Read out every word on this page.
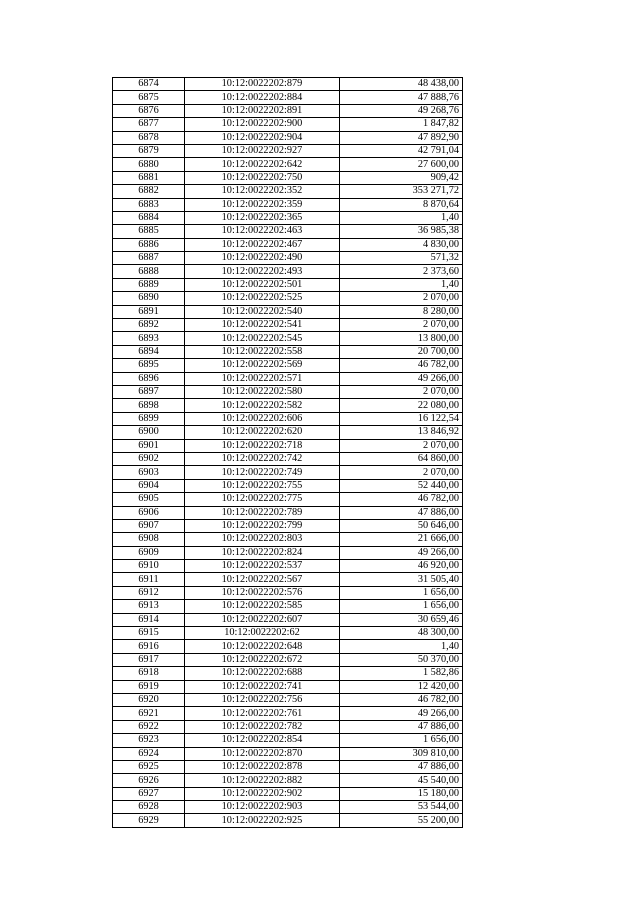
6874	10:12:0022202:879	48 438,00
6875	10:12:0022202:884	47 888,76
6876	10:12:0022202:891	49 268,76
6877	10:12:0022202:900	1 847,82
6878	10:12:0022202:904	47 892,90
6879	10:12:0022202:927	42 791,04
6880	10:12:0022202:642	27 600,00
6881	10:12:0022202:750	909,42
6882	10:12:0022202:352	353 271,72
6883	10:12:0022202:359	8 870,64
6884	10:12:0022202:365	1,40
6885	10:12:0022202:463	36 985,38
6886	10:12:0022202:467	4 830,00
6887	10:12:0022202:490	571,32
6888	10:12:0022202:493	2 373,60
6889	10:12:0022202:501	1,40
6890	10:12:0022202:525	2 070,00
6891	10:12:0022202:540	8 280,00
6892	10:12:0022202:541	2 070,00
6893	10:12:0022202:545	13 800,00
6894	10:12:0022202:558	20 700,00
6895	10:12:0022202:569	46 782,00
6896	10:12:0022202:571	49 266,00
6897	10:12:0022202:580	2 070,00
6898	10:12:0022202:582	22 080,00
6899	10:12:0022202:606	16 122,54
6900	10:12:0022202:620	13 846,92
6901	10:12:0022202:718	2 070,00
6902	10:12:0022202:742	64 860,00
6903	10:12:0022202:749	2 070,00
6904	10:12:0022202:755	52 440,00
6905	10:12:0022202:775	46 782,00
6906	10:12:0022202:789	47 886,00
6907	10:12:0022202:799	50 646,00
6908	10:12:0022202:803	21 666,00
6909	10:12:0022202:824	49 266,00
6910	10:12:0022202:537	46 920,00
6911	10:12:0022202:567	31 505,40
6912	10:12:0022202:576	1 656,00
6913	10:12:0022202:585	1 656,00
6914	10:12:0022202:607	30 659,46
6915	10:12:0022202:62	48 300,00
6916	10:12:0022202:648	1,40
6917	10:12:0022202:672	50 370,00
6918	10:12:0022202:688	1 582,86
6919	10:12:0022202:741	12 420,00
6920	10:12:0022202:756	46 782,00
6921	10:12:0022202:761	49 266,00
6922	10:12:0022202:782	47 886,00
6923	10:12:0022202:854	1 656,00
6924	10:12:0022202:870	309 810,00
6925	10:12:0022202:878	47 886,00
6926	10:12:0022202:882	45 540,00
6927	10:12:0022202:902	15 180,00
6928	10:12:0022202:903	53 544,00
6929	10:12:0022202:925	55 200,00
